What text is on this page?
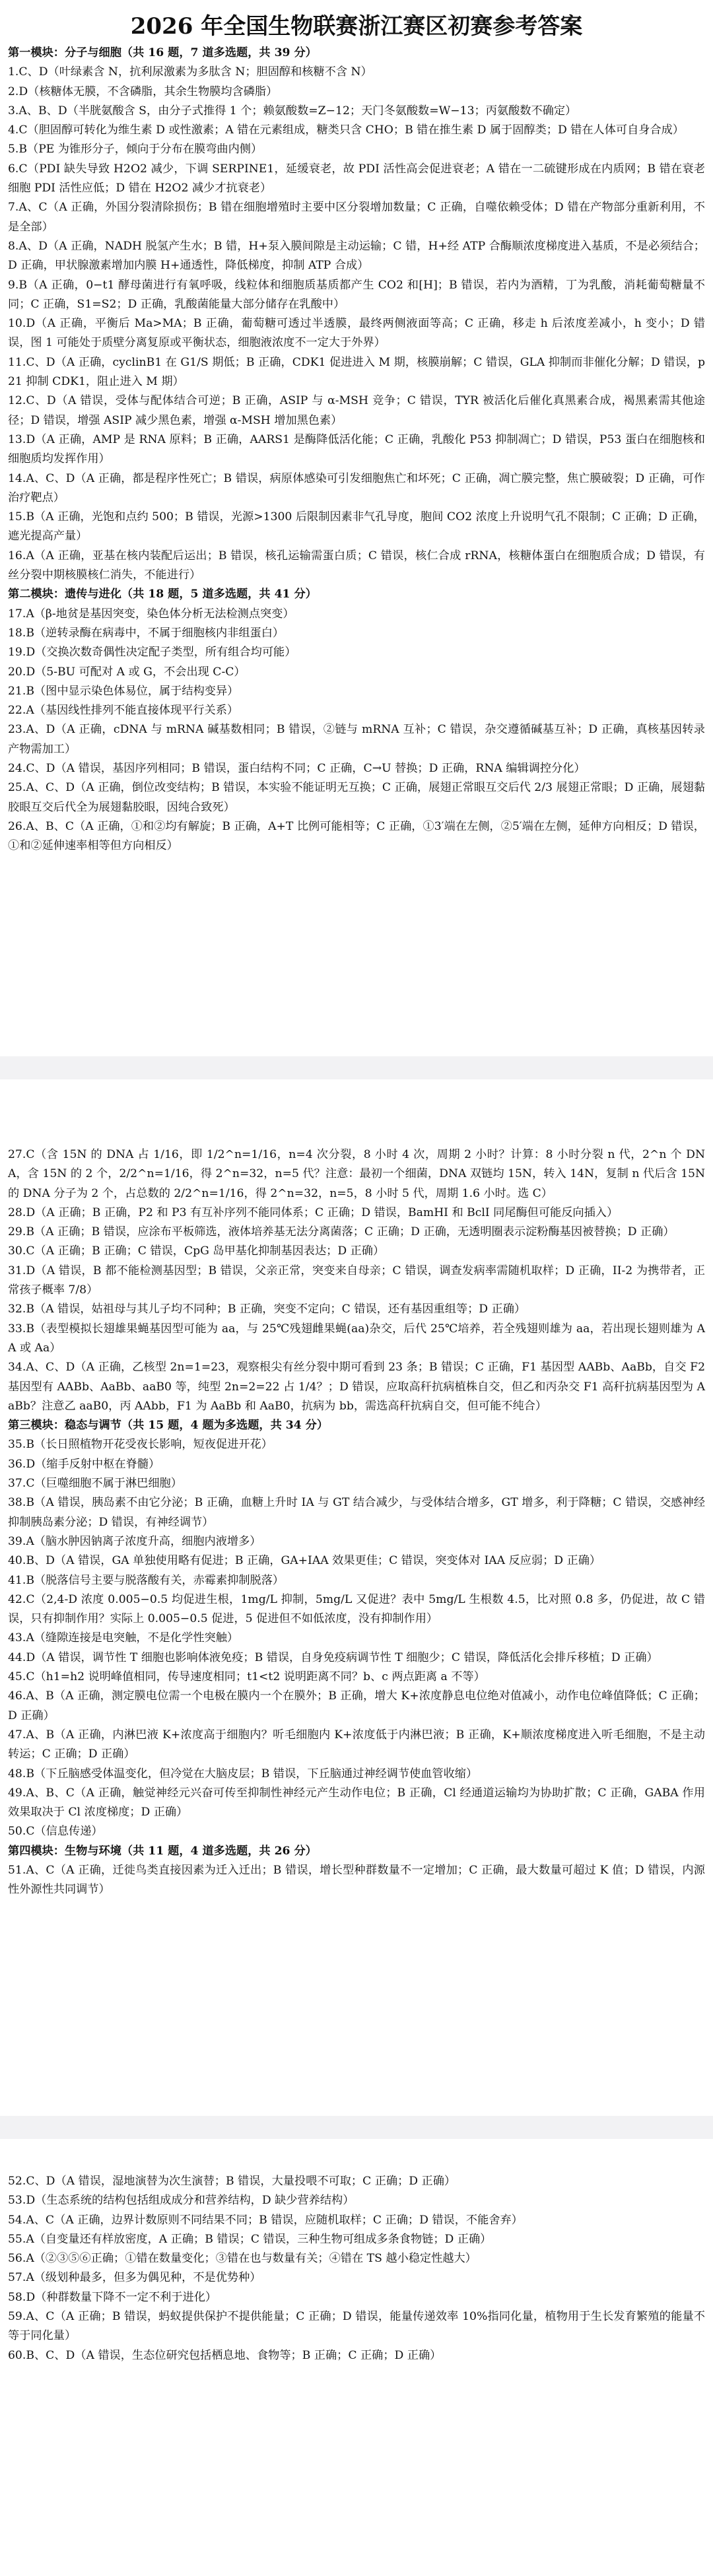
2026 年全国生物联赛浙江赛区初赛参考答案

第一模块：分子与细胞（共 16 题，7 道多选题，共 39 分）

1.C、D（叶绿素含 N，抗利尿激素为多肽含 N；胆固醇和核糖不含 N）

2.D（核糖体无膜，不含磷脂，其余生物膜均含磷脂）

3.A、B、D（半胱氨酸含 S，由分子式推得 1 个；赖氨酸数=Z−12；天门冬氨酸数=W−13；丙氨酸数不确定）

4.C（胆固醇可转化为维生素 D 或性激素；A 错在元素组成，糖类只含 CHO；B 错在推生素 D 属于固醇类；D 错在人体可自身合成）

5.B（PE 为锥形分子，倾向于分布在膜弯曲内侧）

6.C（PDI 缺失导致 H2O2 减少，下调 SERPINE1，延缓衰老，故 PDI 活性高会促进衰老；A 错在一二硫键形成在内质网；B 错在衰老细胞 PDI 活性应低；D 错在 H2O2 减少才抗衰老）

7.A、C（A 正确，外国分裂清除损伤；B 错在细胞增殖时主要中区分裂增加数量；C 正确，自噬依赖受体；D 错在产物部分重新利用，不是全部）

8.A、D（A 正确，NADH 脱氢产生水；B 错，H+泵入膜间隙是主动运输；C 错，H+经 ATP 合酶顺浓度梯度进入基质，不是必须结合；D 正确，甲状腺激素增加内膜 H+通透性，降低梯度，抑制 ATP 合成）

9.B（A 正确，0−t1 酵母菌进行有氧呼吸，线粒体和细胞质基质都产生 CO2 和[H]；B 错误，若内为酒精，丁为乳酸，消耗葡萄糖量不同；C 正确，S1=S2；D 正确，乳酸菌能量大部分储存在乳酸中）

10.D（A 正确，平衡后 Ma>MA；B 正确，葡萄糖可透过半透膜，最终两侧液面等高；C 正确，移走 h 后浓度差减小，h 变小；D 错误，图 1 可能处于质壁分离复原或平衡状态，细胞液浓度不一定大于外界）

11.C、D（A 正确，cyclinB1 在 G1/S 期低；B 正确，CDK1 促进进入 M 期，核膜崩解；C 错误，GLA 抑制而非催化分解；D 错误，p21 抑制 CDK1，阻止进入 M 期）

12.C、D（A 错误，受体与配体结合可逆；B 正确，ASIP 与 α-MSH 竞争；C 错误，TYR 被活化后催化真黑素合成，褐黑素需其他途径；D 错误，增强 ASIP 减少黑色素，增强 α-MSH 增加黑色素）

13.D（A 正确，AMP 是 RNA 原料；B 正确，AARS1 是酶降低活化能；C 正确，乳酸化 P53 抑制凋亡；D 错误，P53 蛋白在细胞核和细胞质均发挥作用）

14.A、C、D（A 正确，都是程序性死亡；B 错误，病原体感染可引发细胞焦亡和坏死；C 正确，凋亡膜完整，焦亡膜破裂；D 正确，可作治疗靶点）

15.B（A 正确，光饱和点约 500；B 错误，光源>1300 后限制因素非气孔导度，胞间 CO2 浓度上升说明气孔不限制；C 正确；D 正确，遮光提高产量）

16.A（A 正确，亚基在核内装配后运出；B 错误，核孔运输需蛋白质；C 错误，核仁合成 rRNA，核糖体蛋白在细胞质合成；D 错误，有丝分裂中期核膜核仁消失，不能进行）

第二模块：遗传与进化（共 18 题，5 道多选题，共 41 分）

17.A（β-地贫是基因突变，染色体分析无法检测点突变）

18.B（逆转录酶在病毒中，不属于细胞核内非组蛋白）

19.D（交换次数奇偶性决定配子类型，所有组合均可能）

20.D（5-BU 可配对 A 或 G，不会出现 C-C）

21.B（图中显示染色体易位，属于结构变异）

22.A（基因线性排列不能直接体现平行关系）

23.A、D（A 正确，cDNA 与 mRNA 碱基数相同；B 错误，②链与 mRNA 互补；C 错误，杂交遵循碱基互补；D 正确，真核基因转录产物需加工）

24.C、D（A 错误，基因序列相同；B 错误，蛋白结构不同；C 正确，C→U 替换；D 正确，RNA 编辑调控分化）

25.A、C、D（A 正确，倒位改变结构；B 错误，本实验不能证明无互换；C 正确，展翅正常眼互交后代 2/3 展翅正常眼；D 正确，展翅黏胶眼互交后代全为展翅黏胶眼，因纯合致死）

26.A、B、C（A 正确，①和②均有解旋；B 正确，A+T 比例可能相等；C 正确，①3′端在左侧，②5′端在左侧，延伸方向相反；D 错误，①和②延伸速率相等但方向相反）

27.C（含 15N 的 DNA 占 1/16，即 1/2^n=1/16，n=4 次分裂，8 小时 4 次，周期 2 小时？计算：8 小时分裂 n 代，2^n 个 DNA，含 15N 的 2 个，2/2^n=1/16，得 2^n=32，n=5 代？注意：最初一个细菌，DNA 双链均 15N，转入 14N，复制 n 代后含 15N 的 DNA 分子为 2 个，占总数的 2/2^n=1/16，得 2^n=32，n=5，8 小时 5 代，周期 1.6 小时。选 C）

28.D（A 正确；B 正确，P2 和 P3 有互补序列不能同体系；C 正确；D 错误，BamHI 和 BclI 同尾酶但可能反向插入）

29.B（A 正确；B 错误，应涂布平板筛选，液体培养基无法分离菌落；C 正确；D 正确，无透明圈表示淀粉酶基因被替换；D 正确）

30.C（A 正确；B 正确；C 错误，CpG 岛甲基化抑制基因表达；D 正确）

31.D（A 错误，B 都不能检测基因型；B 错误，父亲正常，突变来自母亲；C 错误，调查发病率需随机取样；D 正确，II-2 为携带者，正常孩子概率 7/8）

32.B（A 错误，姑祖母与其儿子均不同种；B 正确，突变不定向；C 错误，还有基因重组等；D 正确）

33.B（表型模拟长翅雄果蝇基因型可能为 aa，与 25℃残翅雌果蝇(aa)杂交，后代 25℃培养，若全残翅则雄为 aa，若出现长翅则雄为 AA 或 Aa）

34.A、C、D（A 正确，乙核型 2n=1=23，观察根尖有丝分裂中期可看到 23 条；B 错误；C 正确，F1 基因型 AABb、AaBb，自交 F2 基因型有 AABb、AaBb、aaB0 等，纯型 2n=2=22 占 1/4？；D 错误，应取高秆抗病植株自交，但乙和丙杂交 F1 高秆抗病基因型为 AaBb？注意乙 aaB0，丙 AAbb，F1 为 AaBb 和 AaB0，抗病为 bb，需选高秆抗病自交，但可能不纯合）

第三模块：稳态与调节（共 15 题，4 题为多选题，共 34 分）

35.B（长日照植物开花受夜长影响，短夜促进开花）

36.D（缩手反射中枢在脊髓）

37.C（巨噬细胞不属于淋巴细胞）

38.B（A 错误，胰岛素不由它分泌；B 正确，血糖上升时 IA 与 GT 结合减少，与受体结合增多，GT 增多，利于降糖；C 错误，交感神经抑制胰岛素分泌；D 错误，有神经调节）

39.A（脑水肿因钠离子浓度升高，细胞内液增多）

40.B、D（A 错误，GA 单独使用略有促进；B 正确，GA+IAA 效果更佳；C 错误，突变体对 IAA 反应弱；D 正确）

41.B（脱落信号主要与脱落酸有关，赤霉素抑制脱落）

42.C（2,4-D 浓度 0.005−0.5 均促进生根，1mg/L 抑制，5mg/L 又促进？表中 5mg/L 生根数 4.5，比对照 0.8 多，仍促进，故 C 错误，只有抑制作用？实际上 0.005−0.5 促进，5 促进但不如低浓度，没有抑制作用）

43.A（缝隙连接是电突触，不是化学性突触）

44.D（A 错误，调节性 T 细胞也影响体液免疫；B 错误，自身免疫病调节性 T 细胞少；C 错误，降低活化会排斥移植；D 正确）

45.C（h1=h2 说明峰值相同，传导速度相同；t1<t2 说明距离不同？b、c 两点距离 a 不等）

46.A、B（A 正确，测定膜电位需一个电极在膜内一个在膜外；B 正确，增大 K+浓度静息电位绝对值减小，动作电位峰值降低；C 正确；D 正确）

47.A、B（A 正确，内淋巴液 K+浓度高于细胞内？听毛细胞内 K+浓度低于内淋巴液；B 正确，K+顺浓度梯度进入听毛细胞，不是主动转运；C 正确；D 正确）

48.B（下丘脑感受体温变化，但冷觉在大脑皮层；B 错误，下丘脑通过神经调节使血管收缩）

49.A、B、C（A 正确，触觉神经元兴奋可传至抑制性神经元产生动作电位；B 正确，Cl 经通道运输均为协助扩散；C 正确，GABA 作用效果取决于 Cl 浓度梯度；D 正确）

50.C（信息传递）

第四模块：生物与环境（共 11 题，4 道多选题，共 26 分）

51.A、C（A 正确，迁徙鸟类直接因素为迁入迁出；B 错误，增长型种群数量不一定增加；C 正确，最大数量可超过 K 值；D 错误，内源性外源性共同调节）

52.C、D（A 错误，湿地演替为次生演替；B 错误，大量投喂不可取；C 正确；D 正确）

53.D（生态系统的结构包括组成成分和营养结构，D 缺少营养结构）

54.A、C（A 正确，边界计数原则不同结果不同；B 错误，应随机取样；C 正确；D 错误，不能舍弃）

55.A（自变量还有样放密度，A 正确；B 错误；C 错误，三种生物可组成多条食物链；D 正确）

56.A（②③⑤⑥正确；①错在数量变化；③错在也与数量有关；④错在 TS 越小稳定性越大）

57.A（级划种最多，但多为偶见种，不是优势种）

58.D（种群数量下降不一定不利于进化）

59.A、C（A 正确；B 错误，蚂蚁提供保护不提供能量；C 正确；D 错误，能量传递效率 10%指同化量，植物用于生长发育繁殖的能量不等于同化量）

60.B、C、D（A 错误，生态位研究包括栖息地、食物等；B 正确；C 正确；D 正确）
